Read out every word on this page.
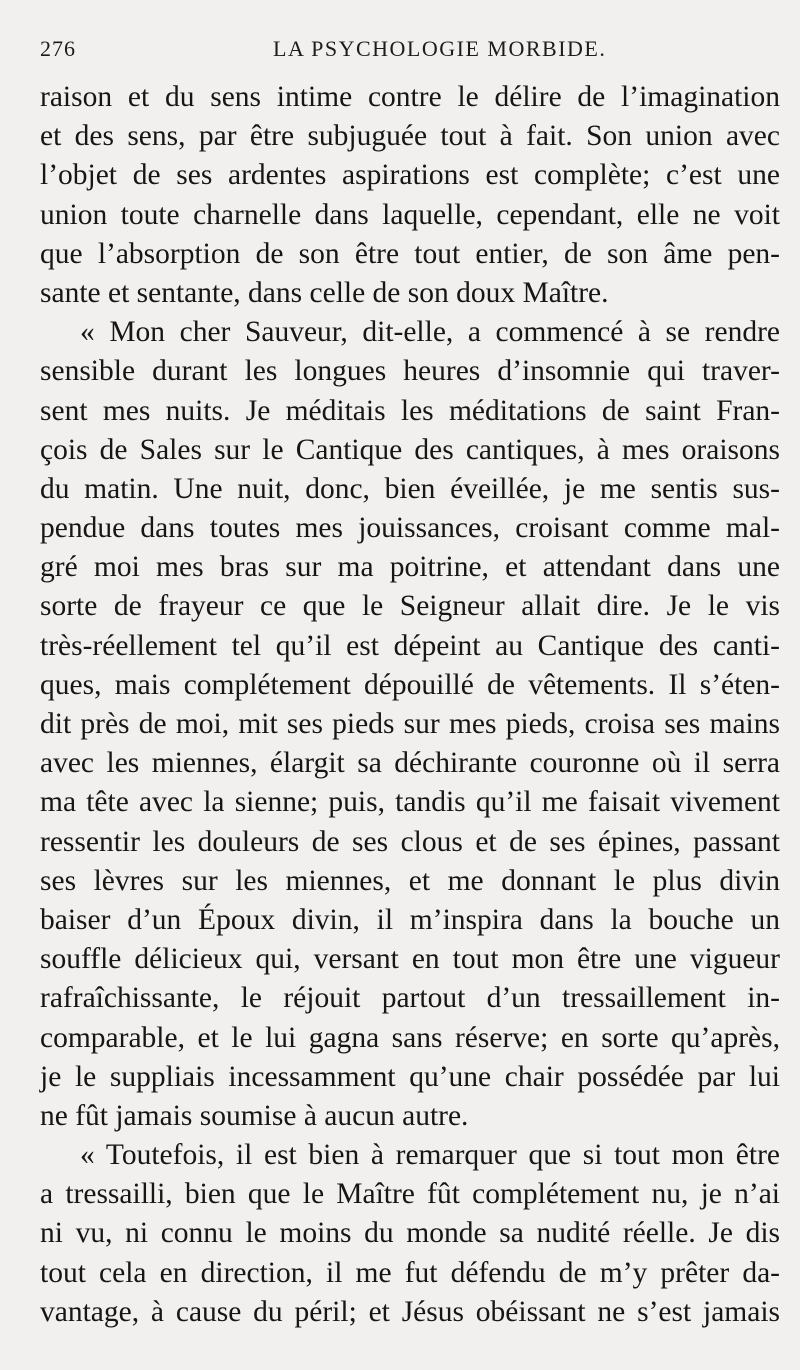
276	LA PSYCHOLOGIE MORBIDE.
raison et du sens intime contre le délire de l’imagination
et des sens, par être subjuguée tout à fait. Son union avec
l’objet de ses ardentes aspirations est complète; c’est une
union toute charnelle dans laquelle, cependant, elle ne voit
que l’absorption de son être tout entier, de son âme pen-
sante et sentante, dans celle de son doux Maître.
« Mon cher Sauveur, dit-elle, a commencé à se rendre
sensible durant les longues heures d’insomnie qui traver-
sent mes nuits. Je méditais les méditations de saint Fran-
çois de Sales sur le Cantique des cantiques, à mes oraisons
du matin. Une nuit, donc, bien éveillée, je me sentis sus-
pendue dans toutes mes jouissances, croisant comme mal-
gré moi mes bras sur ma poitrine, et attendant dans une
sorte de frayeur ce que le Seigneur allait dire. Je le vis
très-réellement tel qu’il est dépeint au Cantique des canti-
ques, mais complétement dépouillé de vêtements. Il s’éten-
dit près de moi, mit ses pieds sur mes pieds, croisa ses mains
avec les miennes, élargit sa déchirante couronne où il serra
ma tête avec la sienne; puis, tandis qu’il me faisait vivement
ressentir les douleurs de ses clous et de ses épines, passant
ses lèvres sur les miennes, et me donnant le plus divin
baiser d’un Époux divin, il m’inspira dans la bouche un
souffle délicieux qui, versant en tout mon être une vigueur
rafraîchissante, le réjouit partout d’un tressaillement in-
comparable, et le lui gagna sans réserve; en sorte qu’après,
je le suppliais incessamment qu’une chair possédée par lui
ne fût jamais soumise à aucun autre.
« Toutefois, il est bien à remarquer que si tout mon être
a tressailli, bien que le Maître fût complétement nu, je n’ai
ni vu, ni connu le moins du monde sa nudité réelle. Je dis
tout cela en direction, il me fut défendu de m’y prêter da-
vantage, à cause du péril; et Jésus obéissant ne s’est jamais
